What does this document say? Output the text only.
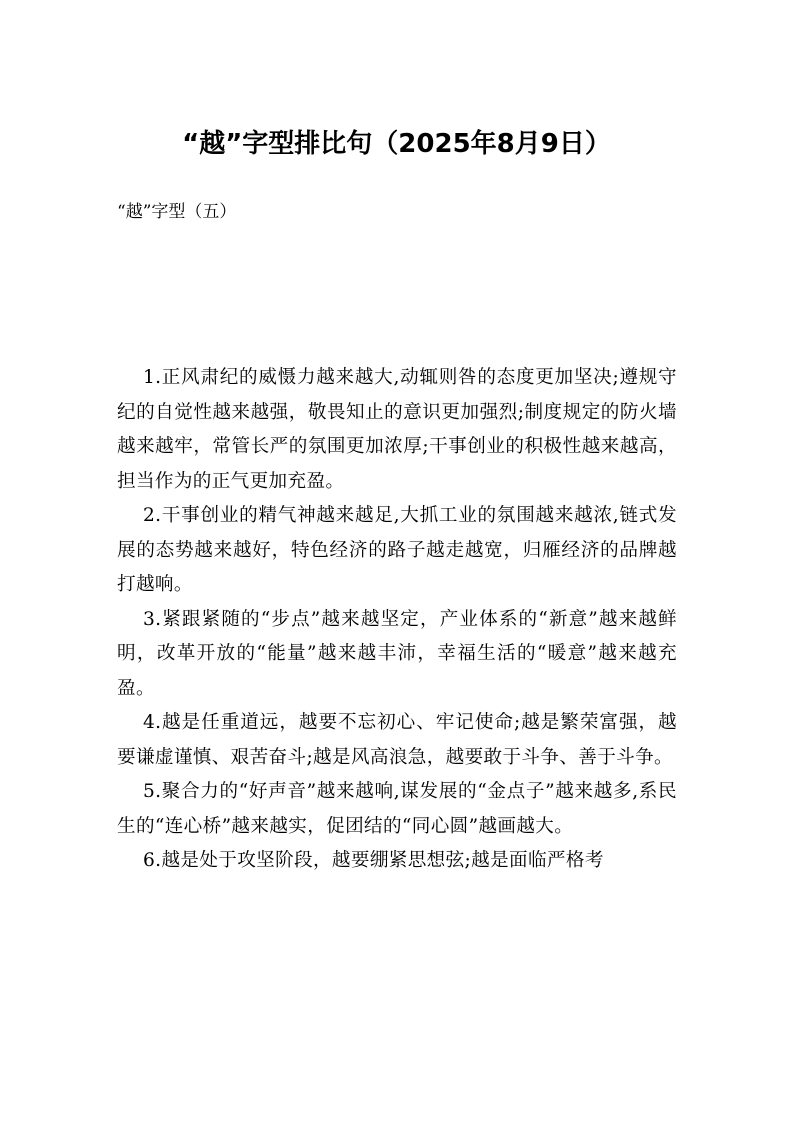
“越”字型排比句（2025年8月9日）
“越”字型（五）

1.正风肃纪的威慑力越来越大,动辄则咎的态度更加坚决;遵规守纪的自觉性越来越强，敬畏知止的意识更加强烈;制度规定的防火墙越来越牢，常管长严的氛围更加浓厚;干事创业的积极性越来越高，担当作为的正气更加充盈。

2.干事创业的精气神越来越足,大抓工业的氛围越来越浓,链式发展的态势越来越好，特色经济的路子越走越宽，归雁经济的品牌越打越响。

3.紧跟紧随的“步点”越来越坚定，产业体系的“新意”越来越鲜明，改革开放的“能量”越来越丰沛，幸福生活的“暖意”越来越充盈。

4.越是任重道远，越要不忘初心、牢记使命;越是繁荣富强，越要谦虚谨慎、艰苦奋斗;越是风高浪急，越要敢于斗争、善于斗争。

5.聚合力的“好声音”越来越响,谋发展的“金点子”越来越多,系民生的“连心桥”越来越实，促团结的“同心圆”越画越大。

6.越是处于攻坚阶段，越要绷紧思想弦;越是面临严格考
